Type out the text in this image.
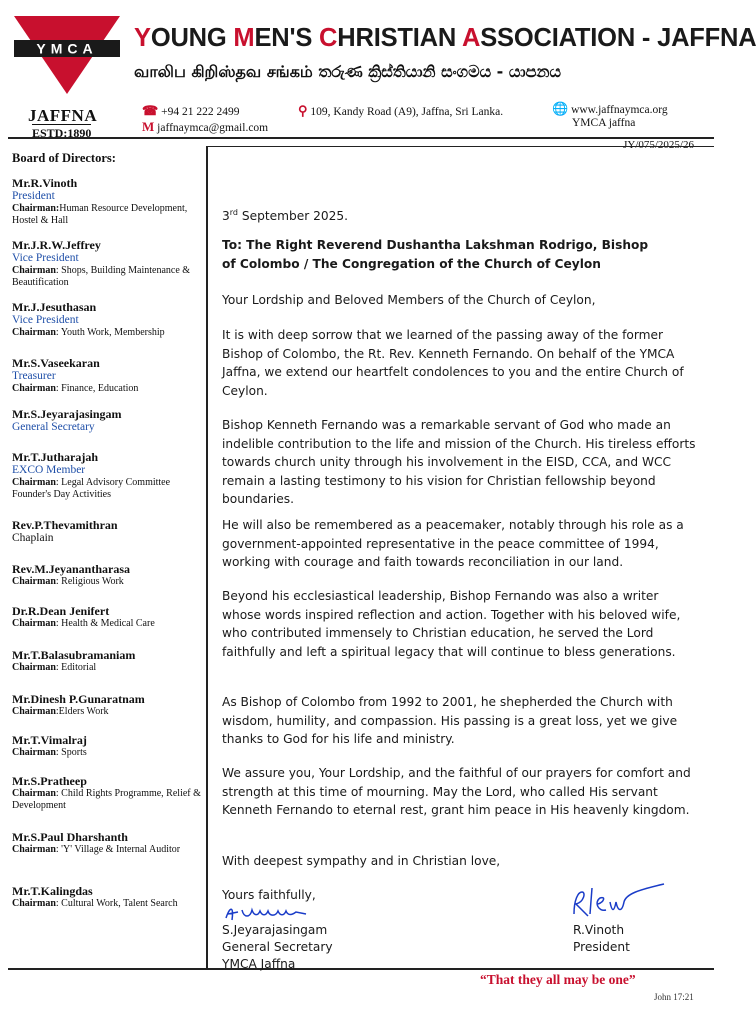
YMCA YOUNG MEN'S CHRISTIAN ASSOCIATION - JAFFNA
வாலிப கிறிஸ்தவ சங்கம் තරුණ ක්‍රිස්තියානි සංගමය - යාපනය
JAFFNA
ESTD:1890
☎ +94 21 222 2499
M jaffnaymca@gmail.com
⚲ 109, Kandy Road (A9), Jaffna, Sri Lanka.	🌐 www.jaffnaymca.org
YMCA jaffna
JY/075/2025/26
Board of Directors:
Mr.R.Vinoth
President
Chairman:Human Resource Development, Hostel & Hall
Mr.J.R.W.Jeffrey
Vice President
Chairman: Shops, Building Maintenance & Beautification
Mr.J.Jesuthasan
Vice President
Chairman: Youth Work, Membership
Mr.S.Vaseekaran
Treasurer
Chairman: Finance, Education
Mr.S.Jeyarajasingam
General Secretary
Mr.T.Jutharajah
EXCO Member
Chairman: Legal Advisory Committee Founder's Day Activities
Rev.P.Thevamithran
Chaplain
Rev.M.Jeyanantharasa
Chairman: Religious Work
Dr.R.Dean Jenifert
Chairman: Health & Medical Care
Mr.T.Balasubramaniam
Chairman: Editorial
Mr.Dinesh P.Gunaratnam
Chairman:Elders Work
Mr.T.Vimalraj
Chairman: Sports
Mr.S.Pratheep
Chairman: Child Rights Programme, Relief & Development
Mr.S.Paul Dharshanth
Chairman: 'Y' Village & Internal Auditor
Mr.T.Kalingdas
Chairman: Cultural Work, Talent Search
3rd September 2025.
To: The Right Reverend Dushantha Lakshman Rodrigo, Bishop of Colombo / The Congregation of the Church of Ceylon
Your Lordship and Beloved Members of the Church of Ceylon,
It is with deep sorrow that we learned of the passing away of the former Bishop of Colombo, the Rt. Rev. Kenneth Fernando. On behalf of the YMCA Jaffna, we extend our heartfelt condolences to you and the entire Church of Ceylon.
Bishop Kenneth Fernando was a remarkable servant of God who made an indelible contribution to the life and mission of the Church. His tireless efforts towards church unity through his involvement in the EISD, CCA, and WCC remain a lasting testimony to his vision for Christian fellowship beyond boundaries.
He will also be remembered as a peacemaker, notably through his role as a government-appointed representative in the peace committee of 1994, working with courage and faith towards reconciliation in our land.
Beyond his ecclesiastical leadership, Bishop Fernando was also a writer whose words inspired reflection and action. Together with his beloved wife, who contributed immensely to Christian education, he served the Lord faithfully and left a spiritual legacy that will continue to bless generations.
As Bishop of Colombo from 1992 to 2001, he shepherded the Church with wisdom, humility, and compassion. His passing is a great loss, yet we give thanks to God for his life and ministry.
We assure you, Your Lordship, and the faithful of our prayers for comfort and strength at this time of mourning. May the Lord, who called His servant Kenneth Fernando to eternal rest, grant him peace in His heavenly kingdom.
With deepest sympathy and in Christian love,
Yours faithfully,
S.Jeyarajasingam
General Secretary
YMCA Jaffna
R.Vinoth
President
“That they all may be one”
John 17:21
